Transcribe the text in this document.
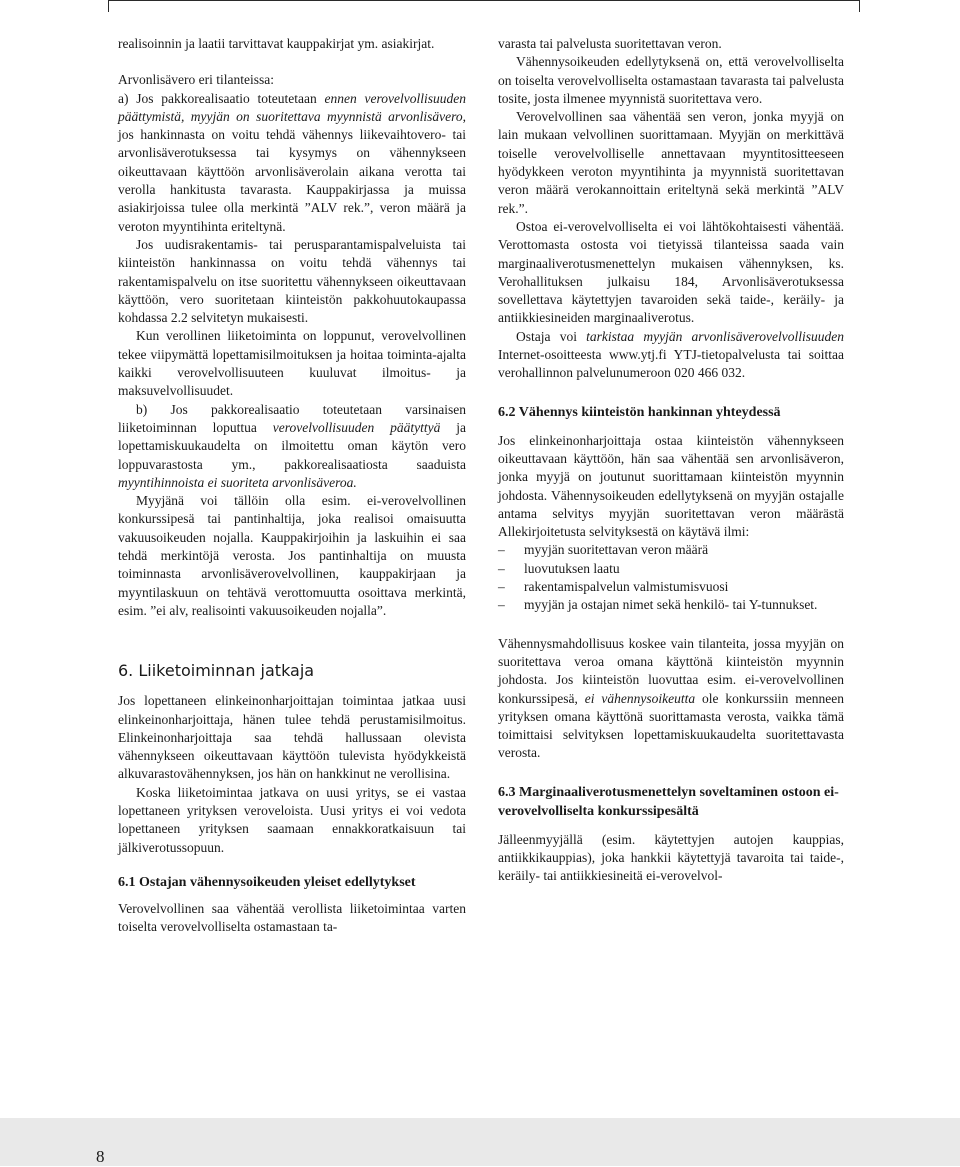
realisoinnin ja laatii tarvittavat kauppakirjat ym. asiakirjat.

Arvonlisävero eri tilanteissa:

a) Jos pakkorealisaatio toteutetaan ennen verovelvollisuuden päättymistä, myyjän on suoritettava myynnistä arvonlisävero, jos hankinnasta on voitu tehdä vähennys liikevaihtovero- tai arvonlisäverotuksessa tai kysymys on vähennykseen oikeuttavaan käyttöön arvonlisäverolain aikana verotta tai verolla hankitusta tavarasta. Kauppakirjassa ja muissa asiakirjoissa tulee olla merkintä ”ALV rek.”, veron määrä ja veroton myyntihinta eriteltynä.

Jos uudisrakentamis- tai perusparantamispalveluista tai kiinteistön hankinnassa on voitu tehdä vähennys tai rakentamispalvelu on itse suoritettu vähennykseen oikeuttavaan käyttöön, vero suoritetaan kiinteistön pakkohuutokaupassa kohdassa 2.2 selvitetyn mukaisesti.

Kun verollinen liiketoiminta on loppunut, verovelvollinen tekee viipymättä lopettamisilmoituksen ja hoitaa toiminta-ajalta kaikki verovelvollisuuteen kuuluvat ilmoitus- ja maksuvelvollisuudet.

b) Jos pakkorealisaatio toteutetaan varsinaisen liiketoiminnan loputtua verovelvollisuuden päätyttyä ja lopettamiskuukaudelta on ilmoitettu oman käytön vero loppuvarastosta ym., pakkorealisaatiosta saaduista myyntihinnoista ei suoriteta arvonlisäveroa.

Myyjänä voi tällöin olla esim. ei-verovelvollinen konkurssipesä tai pantinhaltija, joka realisoi omaisuutta vakuusoikeuden nojalla. Kauppakirjoihin ja laskuihin ei saa tehdä merkintöjä verosta. Jos pantinhaltija on muusta toiminnasta arvonlisäverovelvollinen, kauppakirjaan ja myyntilaskuun on tehtävä verottomuutta osoittava merkintä, esim. ”ei alv, realisointi vakuusoikeuden nojalla”.

6. Liiketoiminnan jatkaja

Jos lopettaneen elinkeinonharjoittajan toimintaa jatkaa uusi elinkeinonharjoittaja, hänen tulee tehdä perustamisilmoitus. Elinkeinonharjoittaja saa tehdä hallussaan olevista vähennykseen oikeuttavaan käyttöön tulevista hyödykkeistä alkuvarastovähennyksen, jos hän on hankkinut ne verollisina.

Koska liiketoimintaa jatkava on uusi yritys, se ei vastaa lopettaneen yrityksen veroveloista. Uusi yritys ei voi vedota lopettaneen yrityksen saamaan ennakkoratkaisuun tai jälkiverotussopuun.

6.1 Ostajan vähennysoikeuden yleiset edellytykset

Verovelvollinen saa vähentää verollista liiketoimintaa varten toiselta verovelvolliselta ostamastaan ta-

varasta tai palvelusta suoritettavan veron.

Vähennysoikeuden edellytyksenä on, että verovelvolliselta on toiselta verovelvolliselta ostamastaan tavarasta tai palvelusta tosite, josta ilmenee myynnistä suoritettava vero.

Verovelvollinen saa vähentää sen veron, jonka myyjä on lain mukaan velvollinen suorittamaan. Myyjän on merkittävä toiselle verovelvolliselle annettavaan myyntitositteeseen hyödykkeen veroton myyntihinta ja myynnistä suoritettavan veron määrä verokannoittain eriteltynä sekä merkintä ”ALV rek.”.

Ostoa ei-verovelvolliselta ei voi lähtökohtaisesti vähentää. Verottomasta ostosta voi tietyissä tilanteissa saada vain marginaaliverotusmenettelyn mukaisen vähennyksen, ks. Verohallituksen julkaisu 184, Arvonlisäverotuksessa sovellettava käytettyjen tavaroiden sekä taide-, keräily- ja antiikkiesineiden marginaaliverotus.

Ostaja voi tarkistaa myyjän arvonlisäverovelvollisuuden Internet-osoitteesta www.ytj.fi YTJ-tietopalvelusta tai soittaa verohallinnon palvelunumeroon 020 466 032.

6.2 Vähennys kiinteistön hankinnan yhteydessä

Jos elinkeinonharjoittaja ostaa kiinteistön vähennykseen oikeuttavaan käyttöön, hän saa vähentää sen arvonlisäveron, jonka myyjä on joutunut suorittamaan kiinteistön myynnin johdosta. Vähennysoikeuden edellytyksenä on myyjän ostajalle antama selvitys myyjän suoritettavan veron määrästä Allekirjoitetusta selvityksestä on käytävä ilmi:

– myyjän suoritettavan veron määrä
– luovutuksen laatu
– rakentamispalvelun valmistumisvuosi
– myyjän ja ostajan nimet sekä henkilö- tai Y-tunnukset.

Vähennysmahdollisuus koskee vain tilanteita, jossa myyjän on suoritettava veroa omana käyttönä kiinteistön myynnin johdosta. Jos kiinteistön luovuttaa esim. ei-verovelvollinen konkurssipesä, ei vähennysoikeutta ole konkurssiin menneen yrityksen omana käyttönä suorittamasta verosta, vaikka tämä toimittaisi selvityksen lopettamiskuukaudelta suoritettavasta verosta.

6.3 Marginaaliverotusmenettelyn soveltaminen ostoon ei-verovelvolliselta konkurssipesältä

Jälleenmyyjällä (esim. käytettyjen autojen kauppias, antiikkikauppias), joka hankkii käytettyjä tavaroita tai taide-, keräily- tai antiikkiesineitä ei-verovelvol-

8
